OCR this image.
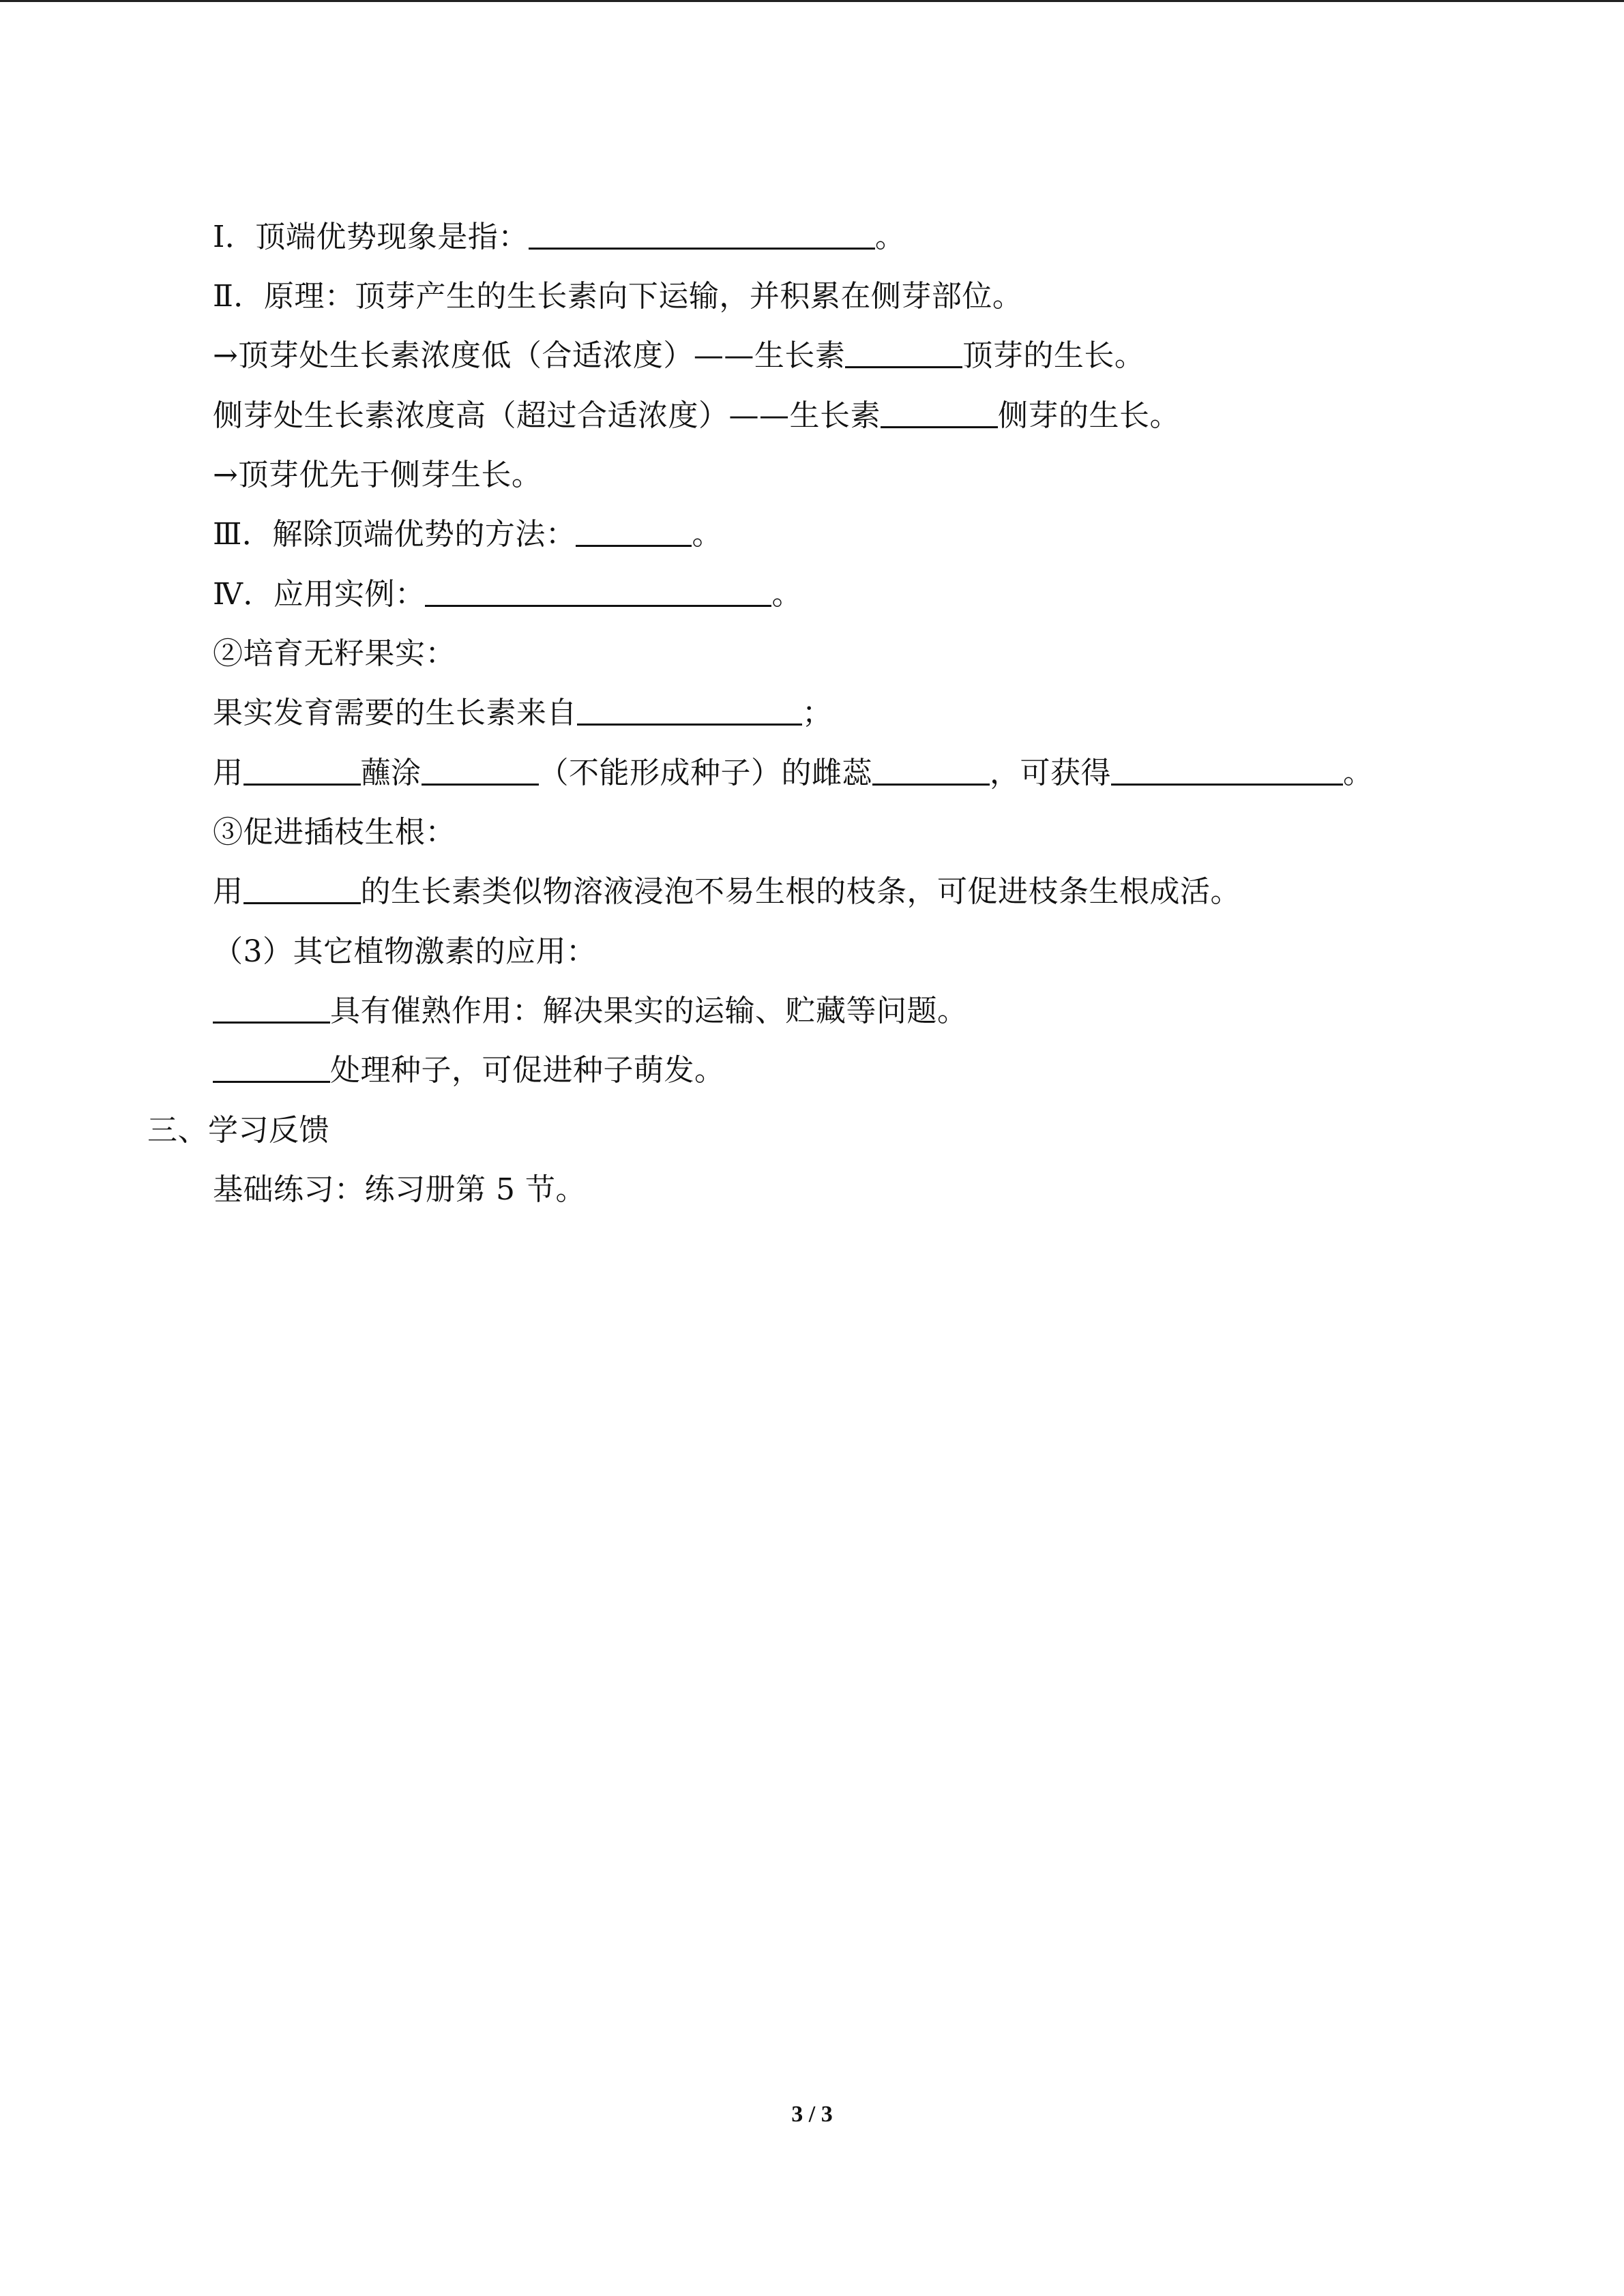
Ⅰ．顶端优势现象是指：	。
Ⅱ．原理：顶芽产生的生长素向下运输，并积累在侧芽部位。
→顶芽处生长素浓度低（合适浓度）——生长素	顶芽的生长。
侧芽处生长素浓度高（超过合适浓度）——生长素	侧芽的生长。
→顶芽优先于侧芽生长。
Ⅲ．解除顶端优势的方法：	。
Ⅳ．应用实例：	。
②培育无籽果实：
果实发育需要的生长素来自	；
用	蘸涂	（不能形成种子）的雌蕊	，可获得	。
③促进插枝生根：
用	的生长素类似物溶液浸泡不易生根的枝条，可促进枝条生根成活。
（3）其它植物激素的应用：
具有催熟作用：解决果实的运输、贮藏等问题。
处理种子，可促进种子萌发。
三、学习反馈
基础练习：练习册第 5 节。
3 / 3
